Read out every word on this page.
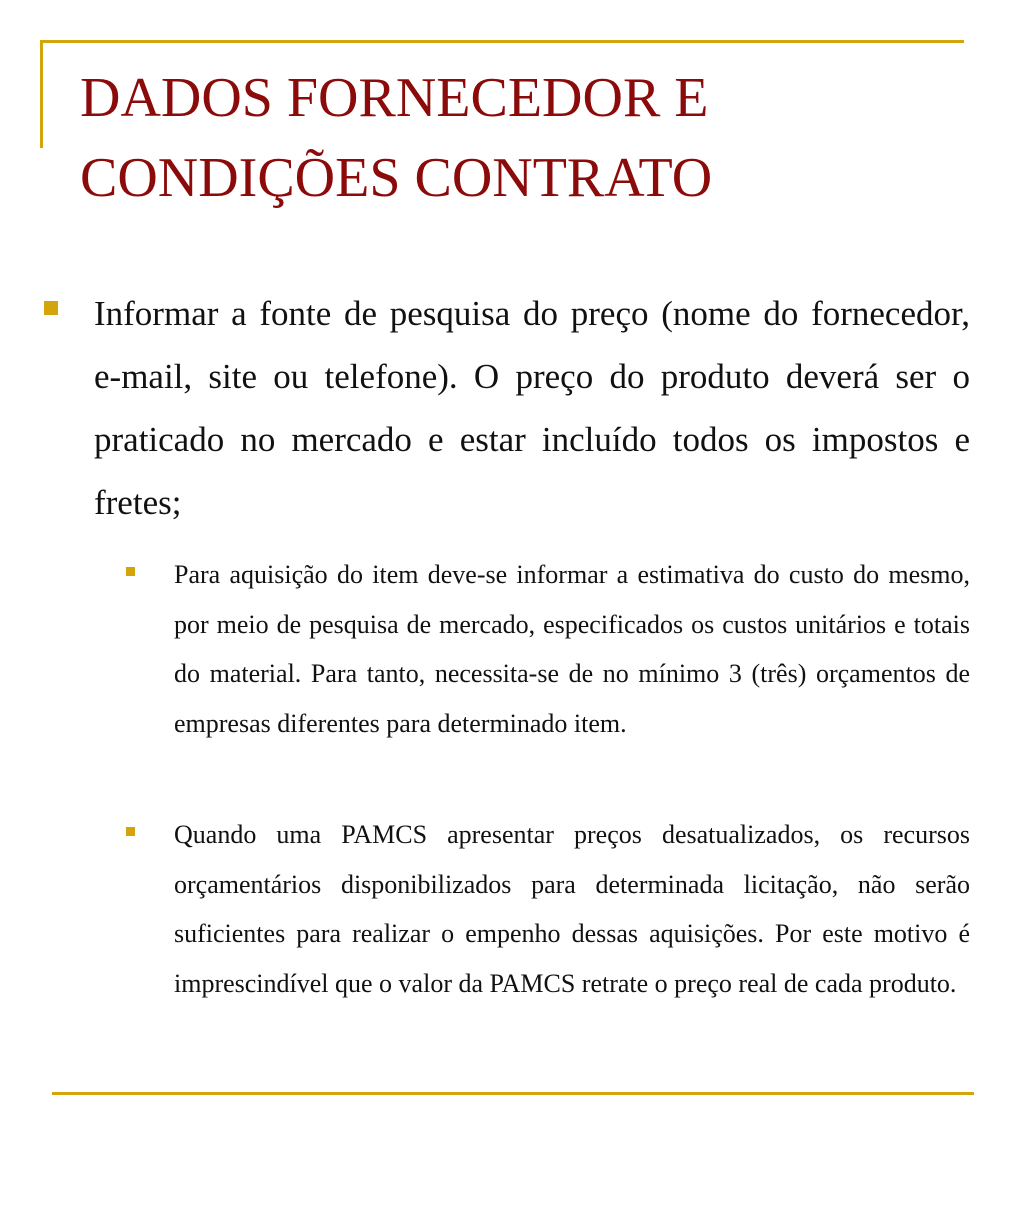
DADOS FORNECEDOR E
CONDIÇÕES CONTRATO
Informar a fonte de pesquisa do preço (nome do fornecedor, e-mail, site ou telefone). O preço do produto deverá ser o praticado no mercado e estar incluído todos os impostos e fretes;
Para aquisição do item deve-se informar a estimativa do custo do mesmo, por meio de pesquisa de mercado, especificados os custos unitários e totais do material. Para tanto, necessita-se de no mínimo 3 (três) orçamentos de empresas diferentes para determinado item.
Quando uma PAMCS apresentar preços desatualizados, os recursos orçamentários disponibilizados para determinada licitação, não serão suficientes para realizar o empenho dessas aquisições. Por este motivo é imprescindível que o valor da PAMCS retrate o preço real de cada produto.
